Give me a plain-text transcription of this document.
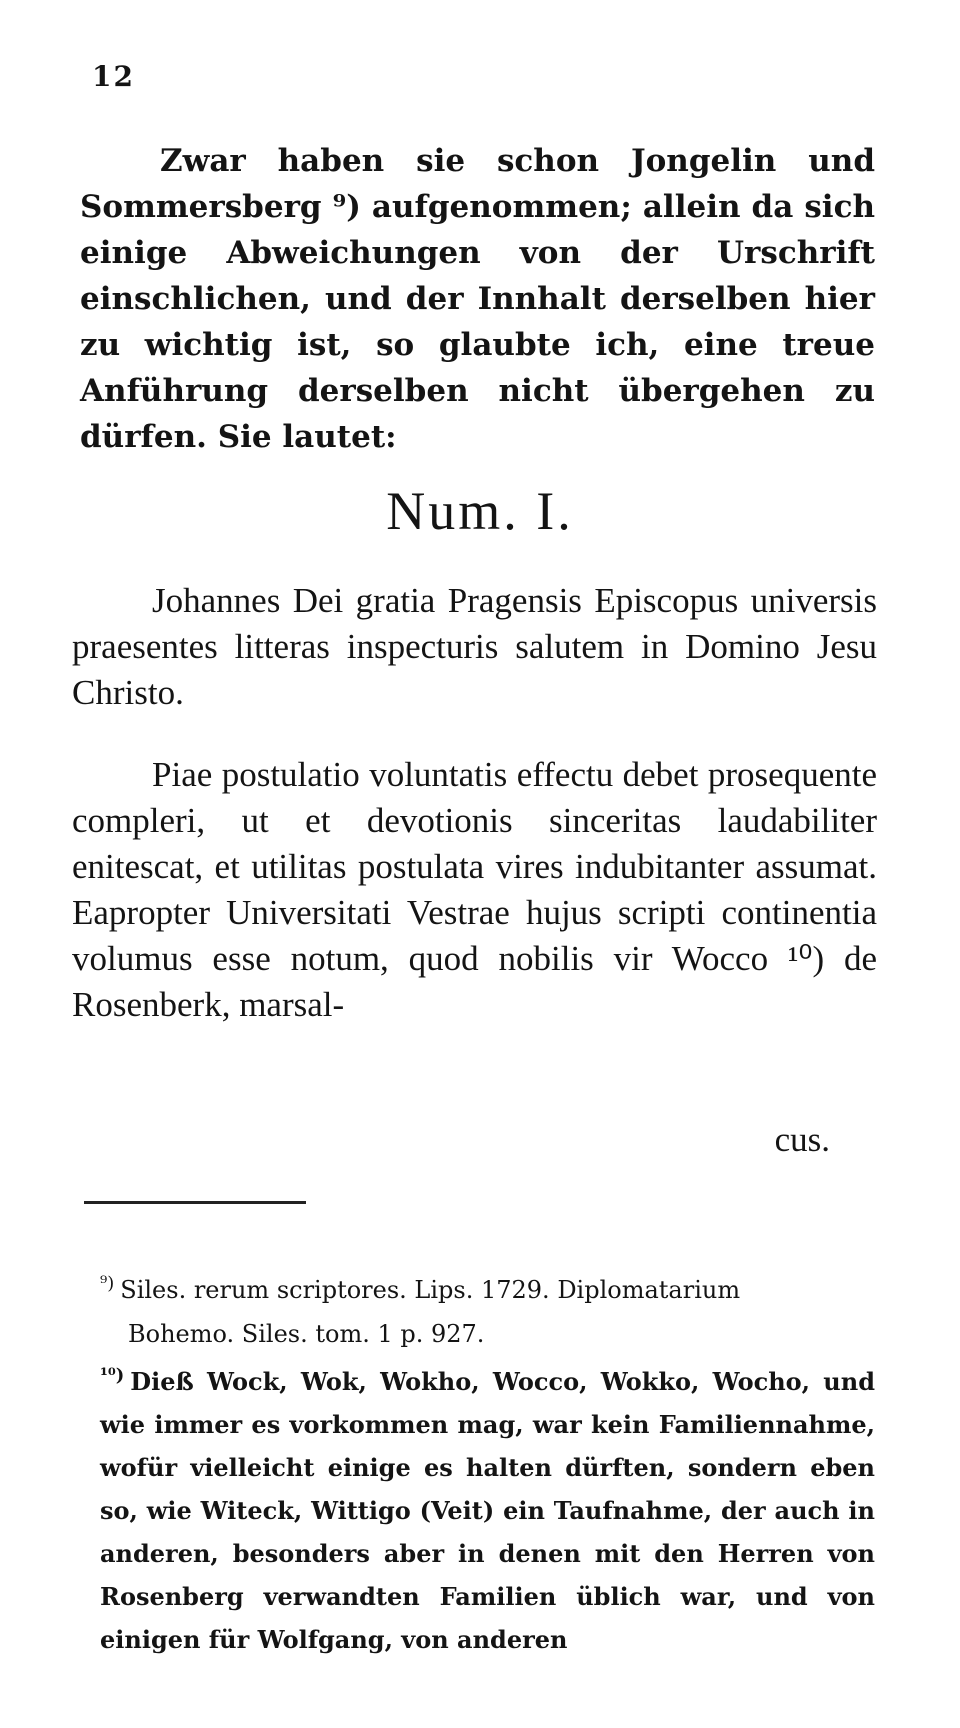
12
Zwar haben sie schon Jongelin und Sommersberg ⁹) aufgenommen; allein da sich einige Abweichungen von der Urschrift einschlichen, und der Innhalt derselben hier zu wichtig ist, so glaubte ich, eine treue Anführung derselben nicht übergehen zu dürfen. Sie lautet:
Num. I.
Johannes Dei gratia Pragensis Episcopus universis praesentes litteras inspecturis salutem in Domino Jesu Christo.
Piae postulatio voluntatis effectu debet prosequente compleri, ut et devotionis sinceritas laudabiliter enitescat, et utilitas postulata vires indubitanter assumat. Eapropter Universitati Vestrae hujus scripti continentia volumus esse notum, quod nobilis vir Wocco ¹⁰) de Rosenberk, marsal-
cus.
$^{^9)}$ Siles. rerum scriptores. Lips. 1729. Diplomatarium
Bohemo. Siles. tom. 1 p. 927.
$^{^{10})}$ Dieß Wock, Wok, Wokho, Wocco, Wokko, Wocho, und wie immer es vorkommen mag, war kein Familiennahme, wofür vielleicht einige es halten dürften, sondern eben so, wie Witeck, Wittigo (Veit) ein Taufnahme, der auch in anderen, besonders aber in denen mit den Herren von Rosenberg verwandten Familien üblich war, und von einigen für Wolfgang, von anderen
